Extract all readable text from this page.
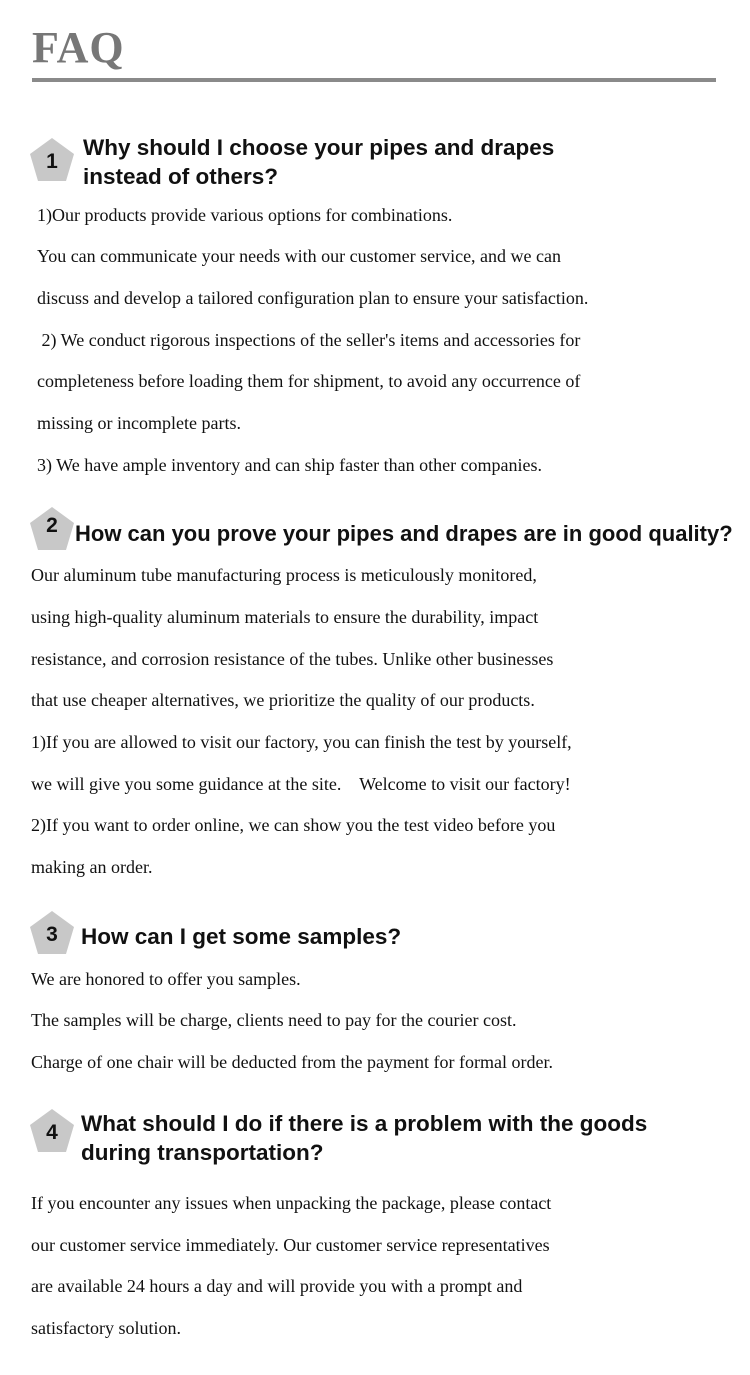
FAQ
1
Why should I choose your pipes and drapes
instead of others?
1)Our products provide various options for combinations.
You can communicate your needs with our customer service, and we can
discuss and develop a tailored configuration plan to ensure your satisfaction.
2) We conduct rigorous inspections of the seller's items and accessories for
completeness before loading them for shipment, to avoid any occurrence of
missing or incomplete parts.
3) We have ample inventory and can ship faster than other companies.
2 How can you prove your pipes and drapes are in good quality?
Our aluminum tube manufacturing process is meticulously monitored,
using high-quality aluminum materials to ensure the durability, impact
resistance, and corrosion resistance of the tubes. Unlike other businesses
that use cheaper alternatives, we prioritize the quality of our products.
1)If you are allowed to visit our factory, you can finish the test by yourself,
we will give you some guidance at the site.    Welcome to visit our factory!
2)If you want to order online, we can show you the test video before you
making an order.
3 How can I get some samples?
We are honored to offer you samples.
The samples will be charge, clients need to pay for the courier cost.
Charge of one chair will be deducted from the payment for formal order.
4 What should I do if there is a problem with the goods
during transportation?
If you encounter any issues when unpacking the package, please contact
our customer service immediately. Our customer service representatives
are available 24 hours a day and will provide you with a prompt and
satisfactory solution.
